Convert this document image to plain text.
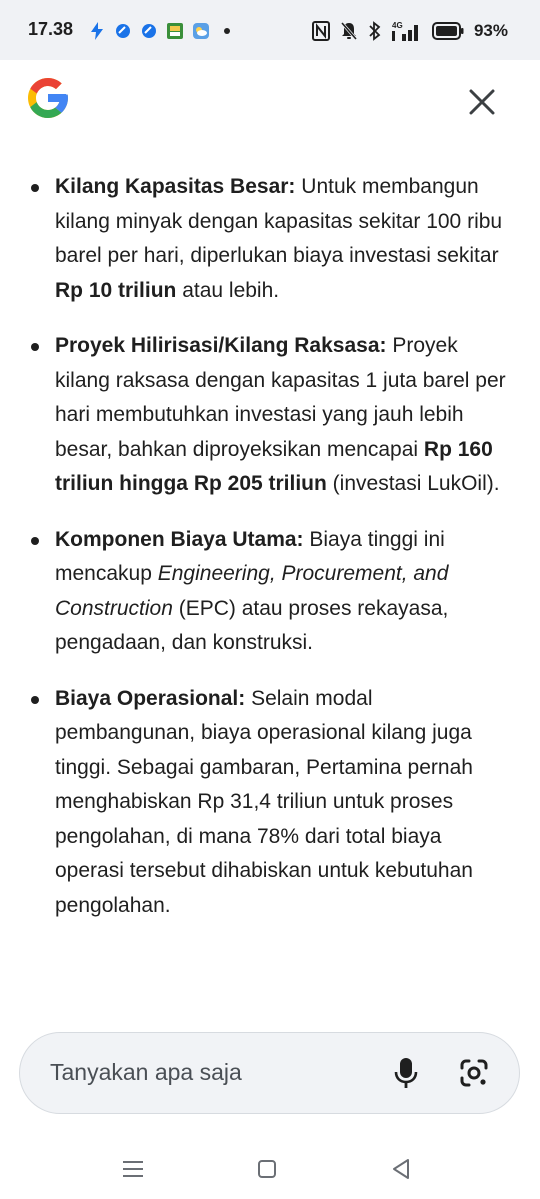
17.38	4G	93%
Kilang Kapasitas Besar: Untuk membangun kilang minyak dengan kapasitas sekitar 100 ribu barel per hari, diperlukan biaya investasi sekitar Rp 10 triliun atau lebih.
Proyek Hilirisasi/Kilang Raksasa: Proyek kilang raksasa dengan kapasitas 1 juta barel per hari membutuhkan investasi yang jauh lebih besar, bahkan diproyeksikan mencapai Rp 160 triliun hingga Rp 205 triliun (investasi LukOil).
Komponen Biaya Utama: Biaya tinggi ini mencakup Engineering, Procurement, and Construction (EPC) atau proses rekayasa, pengadaan, dan konstruksi.
Biaya Operasional: Selain modal pembangunan, biaya operasional kilang juga tinggi. Sebagai gambaran, Pertamina pernah menghabiskan Rp 31,4 triliun untuk proses pengolahan, di mana 78% dari total biaya operasi tersebut dihabiskan untuk kebutuhan pengolahan.
Tanyakan apa saja
